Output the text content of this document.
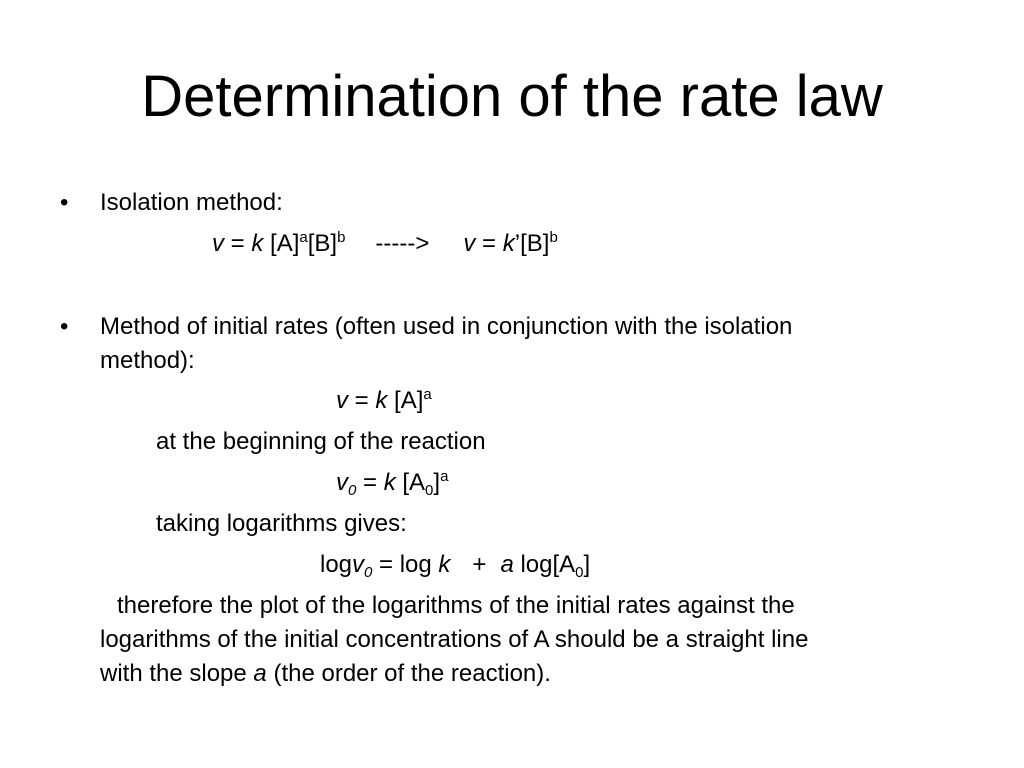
Determination of the rate law
• Isolation method:
v = k $[A]^a[B]^b$ -----> $v = k’[B]^b$
• Method of initial rates (often used in conjunction with the isolation
method):
v = k $[A]^a$
at the beginning of the reaction
$v_0 = k$ $[A_0]^a$
taking logarithms gives:
logv$_0$ = log k + a $\log[A_0]$
therefore the plot of the logarithms of the initial rates against the
logarithms of the initial concentrations of A should be a straight line
with the slope a (the order of the reaction).
